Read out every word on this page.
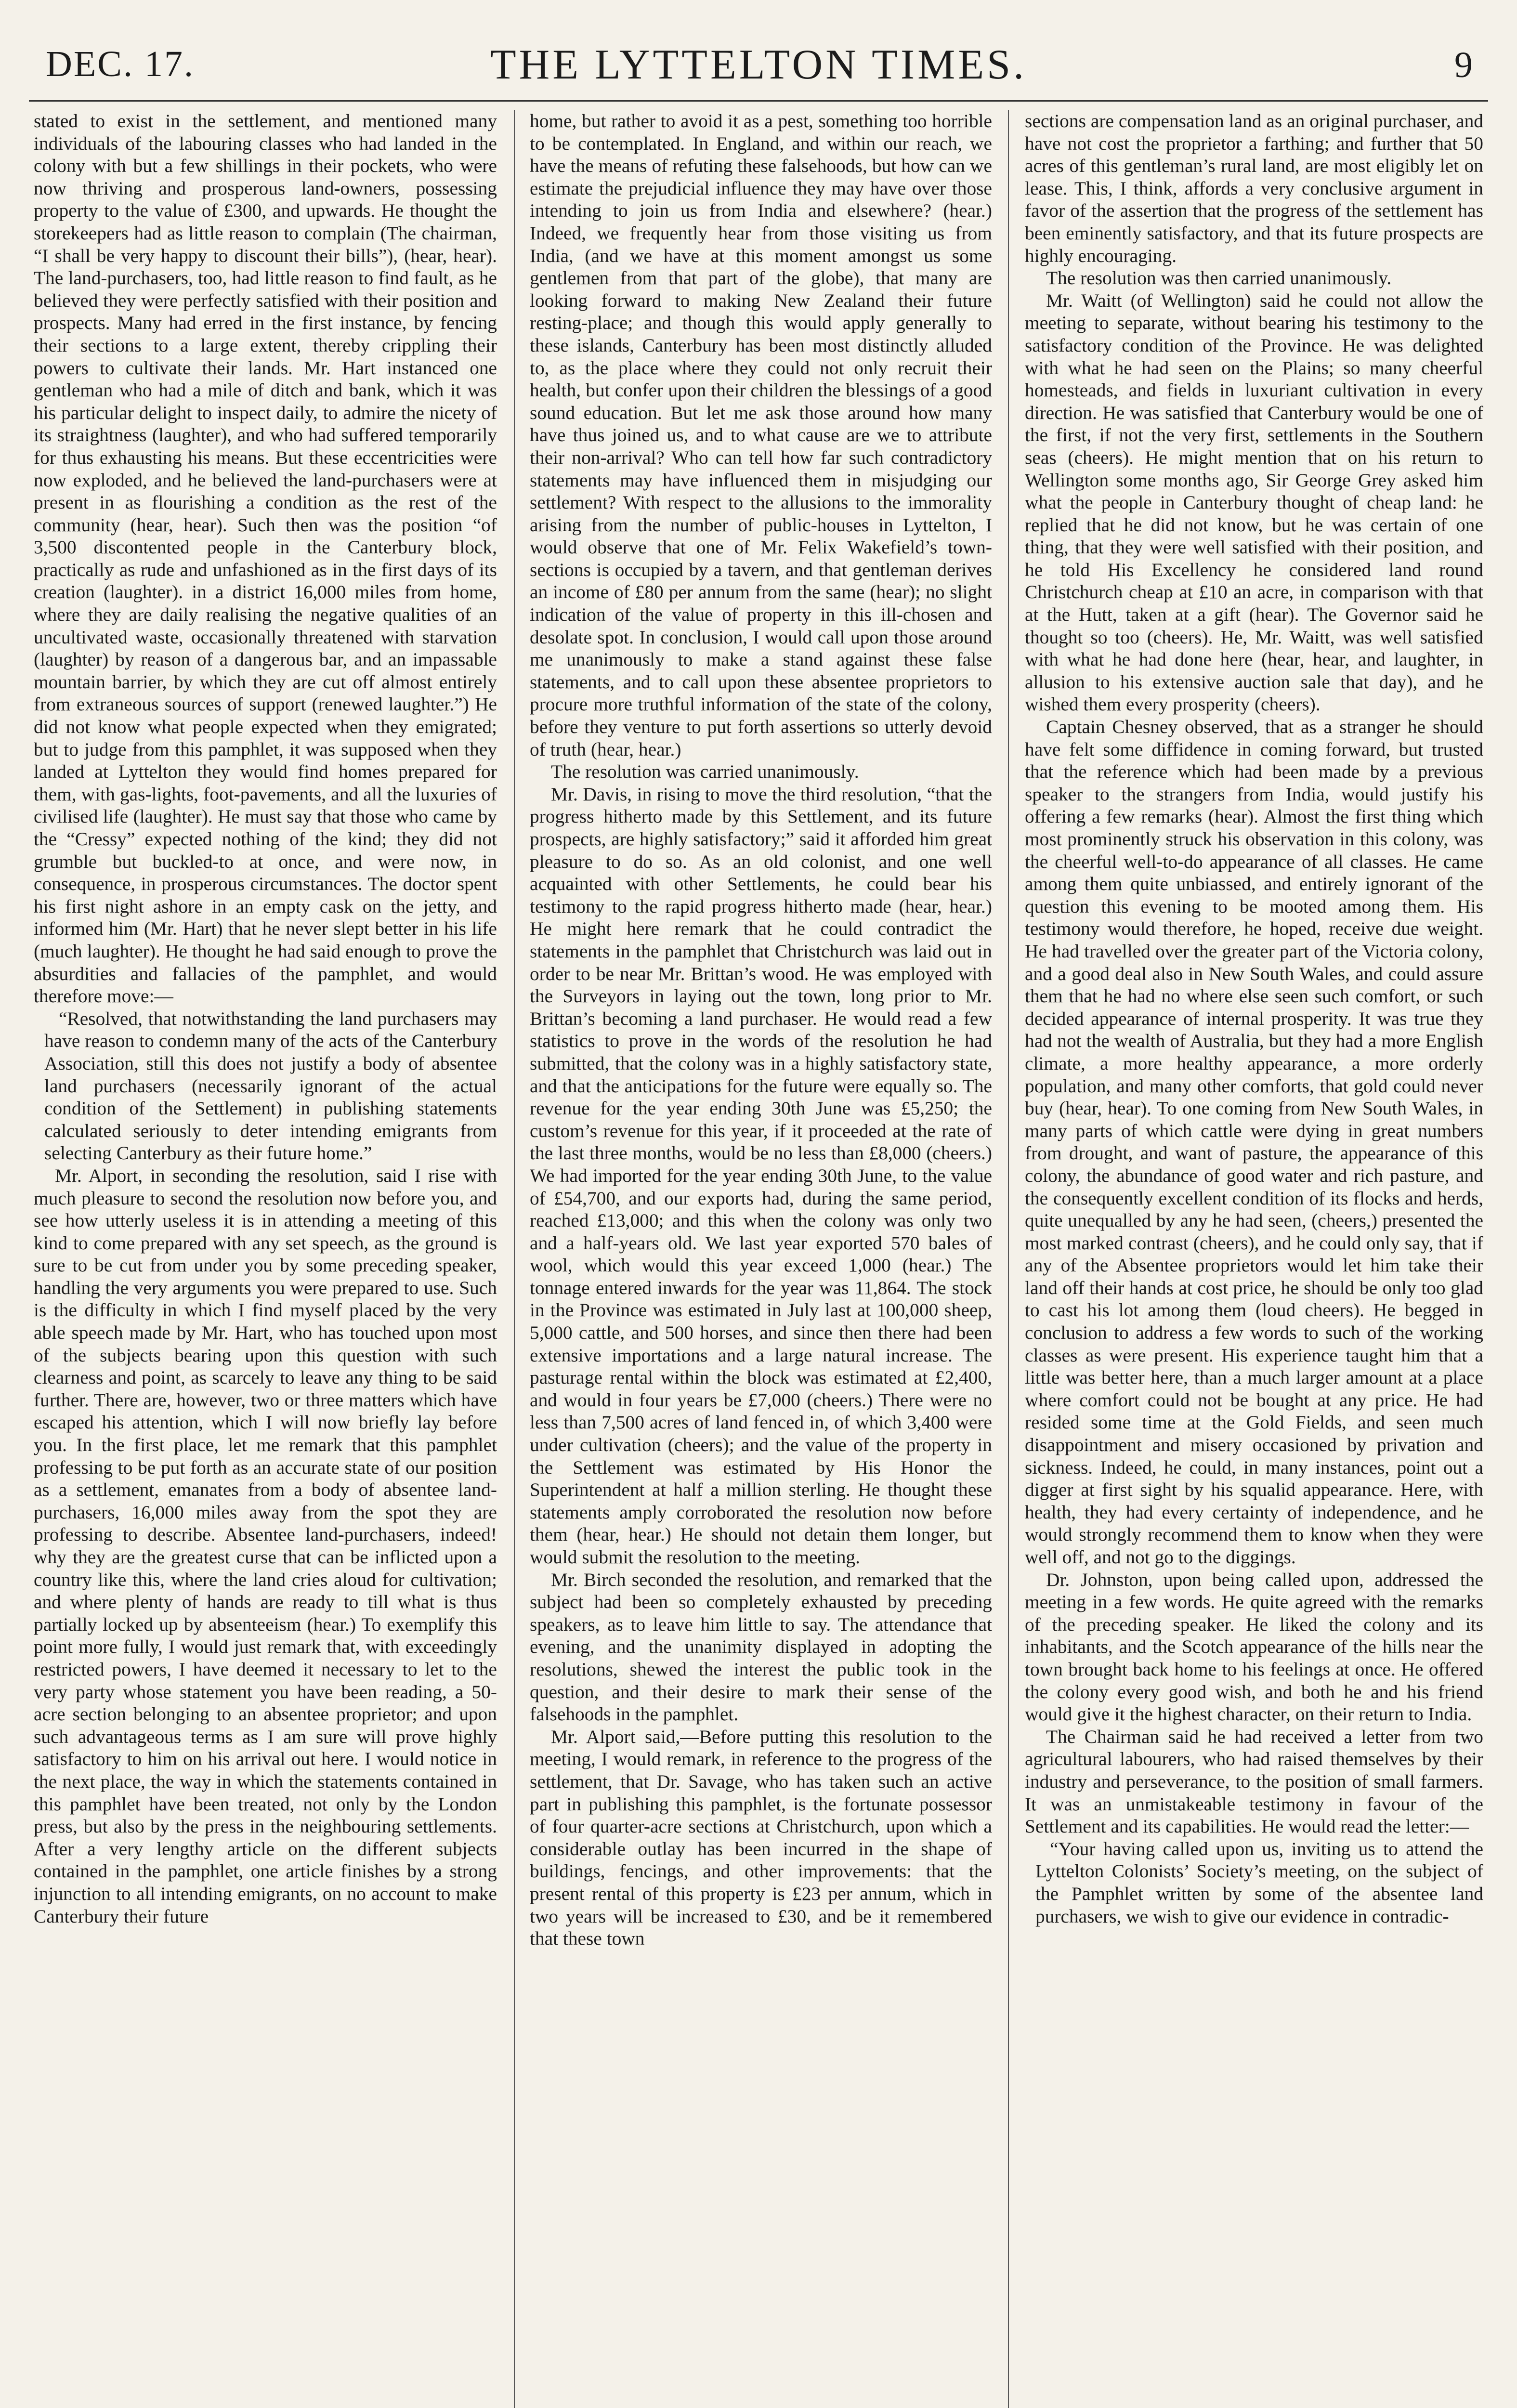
DEC. 17.	THE LYTTELTON TIMES.	9

stated to exist in the settlement, and mentioned many individuals of the labouring classes who had landed in the colony with but a few shillings in their pockets, who were now thriving and prosperous land-owners, possessing property to the value of £300, and upwards. He thought the storekeepers had as little reason to complain (The chairman, “I shall be very happy to discount their bills”), (hear, hear). The land-purchasers, too, had little reason to find fault, as he believed they were perfectly satisfied with their position and prospects. Many had erred in the first instance, by fencing their sections to a large extent, thereby crippling their powers to cultivate their lands. Mr. Hart instanced one gentleman who had a mile of ditch and bank, which it was his particular delight to inspect daily, to admire the nicety of its straightness (laughter), and who had suffered temporarily for thus exhausting his means. But these eccentricities were now exploded, and he believed the land-purchasers were at present in as flourishing a condition as the rest of the community (hear, hear). Such then was the position “of 3,500 discontented people in the Canterbury block, practically as rude and unfashioned as in the first days of its creation (laughter). in a district 16,000 miles from home, where they are daily realising the negative qualities of an uncultivated waste, occasionally threatened with starvation (laughter) by reason of a dangerous bar, and an impassable mountain barrier, by which they are cut off almost entirely from extraneous sources of support (renewed laughter.”) He did not know what people expected when they emigrated; but to judge from this pamphlet, it was supposed when they landed at Lyttelton they would find homes prepared for them, with gas-lights, foot-pavements, and all the luxuries of civilised life (laughter). He must say that those who came by the “Cressy” expected nothing of the kind; they did not grumble but buckled-to at once, and were now, in consequence, in prosperous circumstances. The doctor spent his first night ashore in an empty cask on the jetty, and informed him (Mr. Hart) that he never slept better in his life (much laughter). He thought he had said enough to prove the absurdities and fallacies of the pamphlet, and would therefore move:—

“Resolved, that notwithstanding the land purchasers may have reason to condemn many of the acts of the Canterbury Association, still this does not justify a body of absentee land purchasers (necessarily ignorant of the actual condition of the Settlement) in publishing statements calculated seriously to deter intending emigrants from selecting Canterbury as their future home.”

Mr. Alport, in seconding the resolution, said I rise with much pleasure to second the resolution now before you, and see how utterly useless it is in attending a meeting of this kind to come prepared with any set speech, as the ground is sure to be cut from under you by some preceding speaker, handling the very arguments you were prepared to use. Such is the difficulty in which I find myself placed by the very able speech made by Mr. Hart, who has touched upon most of the subjects bearing upon this question with such clearness and point, as scarcely to leave any thing to be said further. There are, however, two or three matters which have escaped his attention, which I will now briefly lay before you. In the first place, let me remark that this pamphlet professing to be put forth as an accurate state of our position as a settlement, emanates from a body of absentee land-purchasers, 16,000 miles away from the spot they are professing to describe. Absentee land-purchasers, indeed! why they are the greatest curse that can be inflicted upon a country like this, where the land cries aloud for cultivation; and where plenty of hands are ready to till what is thus partially locked up by absenteeism (hear.) To exemplify this point more fully, I would just remark that, with exceedingly restricted powers, I have deemed it necessary to let to the very party whose statement you have been reading, a 50-acre section belonging to an absentee proprietor; and upon such advantageous terms as I am sure will prove highly satisfactory to him on his arrival out here. I would notice in the next place, the way in which the statements contained in this pamphlet have been treated, not only by the London press, but also by the press in the neighbouring settlements. After a very lengthy article on the different subjects contained in the pamphlet, one article finishes by a strong injunction to all intending emigrants, on no account to make Canterbury their future

home, but rather to avoid it as a pest, something too horrible to be contemplated. In England, and within our reach, we have the means of refuting these falsehoods, but how can we estimate the prejudicial influence they may have over those intending to join us from India and elsewhere? (hear.) Indeed, we frequently hear from those visiting us from India, (and we have at this moment amongst us some gentlemen from that part of the globe), that many are looking forward to making New Zealand their future resting-place; and though this would apply generally to these islands, Canterbury has been most distinctly alluded to, as the place where they could not only recruit their health, but confer upon their children the blessings of a good sound education. But let me ask those around how many have thus joined us, and to what cause are we to attribute their non-arrival? Who can tell how far such contradictory statements may have influenced them in misjudging our settlement? With respect to the allusions to the immorality arising from the number of public-houses in Lyttelton, I would observe that one of Mr. Felix Wakefield’s town-sections is occupied by a tavern, and that gentleman derives an income of £80 per annum from the same (hear); no slight indication of the value of property in this ill-chosen and desolate spot. In conclusion, I would call upon those around me unanimously to make a stand against these false statements, and to call upon these absentee proprietors to procure more truthful information of the state of the colony, before they venture to put forth assertions so utterly devoid of truth (hear, hear.)

The resolution was carried unanimously.

Mr. Davis, in rising to move the third resolution, “that the progress hitherto made by this Settlement, and its future prospects, are highly satisfactory;” said it afforded him great pleasure to do so. As an old colonist, and one well acquainted with other Settlements, he could bear his testimony to the rapid progress hitherto made (hear, hear.) He might here remark that he could contradict the statements in the pamphlet that Christchurch was laid out in order to be near Mr. Brittan’s wood. He was employed with the Surveyors in laying out the town, long prior to Mr. Brittan’s becoming a land purchaser. He would read a few statistics to prove in the words of the resolution he had submitted, that the colony was in a highly satisfactory state, and that the anticipations for the future were equally so. The revenue for the year ending 30th June was £5,250; the custom’s revenue for this year, if it proceeded at the rate of the last three months, would be no less than £8,000 (cheers.) We had imported for the year ending 30th June, to the value of £54,700, and our exports had, during the same period, reached £13,000; and this when the colony was only two and a half-years old. We last year exported 570 bales of wool, which would this year exceed 1,000 (hear.) The tonnage entered inwards for the year was 11,864. The stock in the Province was estimated in July last at 100,000 sheep, 5,000 cattle, and 500 horses, and since then there had been extensive importations and a large natural increase. The pasturage rental within the block was estimated at £2,400, and would in four years be £7,000 (cheers.) There were no less than 7,500 acres of land fenced in, of which 3,400 were under cultivation (cheers); and the value of the property in the Settlement was estimated by His Honor the Superintendent at half a million sterling. He thought these statements amply corroborated the resolution now before them (hear, hear.) He should not detain them longer, but would submit the resolution to the meeting.

Mr. Birch seconded the resolution, and remarked that the subject had been so completely exhausted by preceding speakers, as to leave him little to say. The attendance that evening, and the unanimity displayed in adopting the resolutions, shewed the interest the public took in the question, and their desire to mark their sense of the falsehoods in the pamphlet.

Mr. Alport said,—Before putting this resolution to the meeting, I would remark, in reference to the progress of the settlement, that Dr. Savage, who has taken such an active part in publishing this pamphlet, is the fortunate possessor of four quarter-acre sections at Christchurch, upon which a considerable outlay has been incurred in the shape of buildings, fencings, and other improvements: that the present rental of this property is £23 per annum, which in two years will be increased to £30, and be it remembered that these town

sections are compensation land as an original purchaser, and have not cost the proprietor a farthing; and further that 50 acres of this gentleman’s rural land, are most eligibly let on lease. This, I think, affords a very conclusive argument in favor of the assertion that the progress of the settlement has been eminently satisfactory, and that its future prospects are highly encouraging.

The resolution was then carried unanimously.

Mr. Waitt (of Wellington) said he could not allow the meeting to separate, without bearing his testimony to the satisfactory condition of the Province. He was delighted with what he had seen on the Plains; so many cheerful homesteads, and fields in luxuriant cultivation in every direction. He was satisfied that Canterbury would be one of the first, if not the very first, settlements in the Southern seas (cheers). He might mention that on his return to Wellington some months ago, Sir George Grey asked him what the people in Canterbury thought of cheap land: he replied that he did not know, but he was certain of one thing, that they were well satisfied with their position, and he told His Excellency he considered land round Christchurch cheap at £10 an acre, in comparison with that at the Hutt, taken at a gift (hear). The Governor said he thought so too (cheers). He, Mr. Waitt, was well satisfied with what he had done here (hear, hear, and laughter, in allusion to his extensive auction sale that day), and he wished them every prosperity (cheers).

Captain Chesney observed, that as a stranger he should have felt some diffidence in coming forward, but trusted that the reference which had been made by a previous speaker to the strangers from India, would justify his offering a few remarks (hear). Almost the first thing which most prominently struck his observation in this colony, was the cheerful well-to-do appearance of all classes. He came among them quite unbiassed, and entirely ignorant of the question this evening to be mooted among them. His testimony would therefore, he hoped, receive due weight. He had travelled over the greater part of the Victoria colony, and a good deal also in New South Wales, and could assure them that he had no where else seen such comfort, or such decided appearance of internal prosperity. It was true they had not the wealth of Australia, but they had a more English climate, a more healthy appearance, a more orderly population, and many other comforts, that gold could never buy (hear, hear). To one coming from New South Wales, in many parts of which cattle were dying in great numbers from drought, and want of pasture, the appearance of this colony, the abundance of good water and rich pasture, and the consequently excellent condition of its flocks and herds, quite unequalled by any he had seen, (cheers,) presented the most marked contrast (cheers), and he could only say, that if any of the Absentee proprietors would let him take their land off their hands at cost price, he should be only too glad to cast his lot among them (loud cheers). He begged in conclusion to address a few words to such of the working classes as were present. His experience taught him that a little was better here, than a much larger amount at a place where comfort could not be bought at any price. He had resided some time at the Gold Fields, and seen much disappointment and misery occasioned by privation and sickness. Indeed, he could, in many instances, point out a digger at first sight by his squalid appearance. Here, with health, they had every certainty of independence, and he would strongly recommend them to know when they were well off, and not go to the diggings.

Dr. Johnston, upon being called upon, addressed the meeting in a few words. He quite agreed with the remarks of the preceding speaker. He liked the colony and its inhabitants, and the Scotch appearance of the hills near the town brought back home to his feelings at once. He offered the colony every good wish, and both he and his friend would give it the highest character, on their return to India.

The Chairman said he had received a letter from two agricultural labourers, who had raised themselves by their industry and perseverance, to the position of small farmers. It was an unmistakeable testimony in favour of the Settlement and its capabilities. He would read the letter:—

“Your having called upon us, inviting us to attend the Lyttelton Colonists’ Society’s meeting, on the subject of the Pamphlet written by some of the absentee land purchasers, we wish to give our evidence in contradic-
